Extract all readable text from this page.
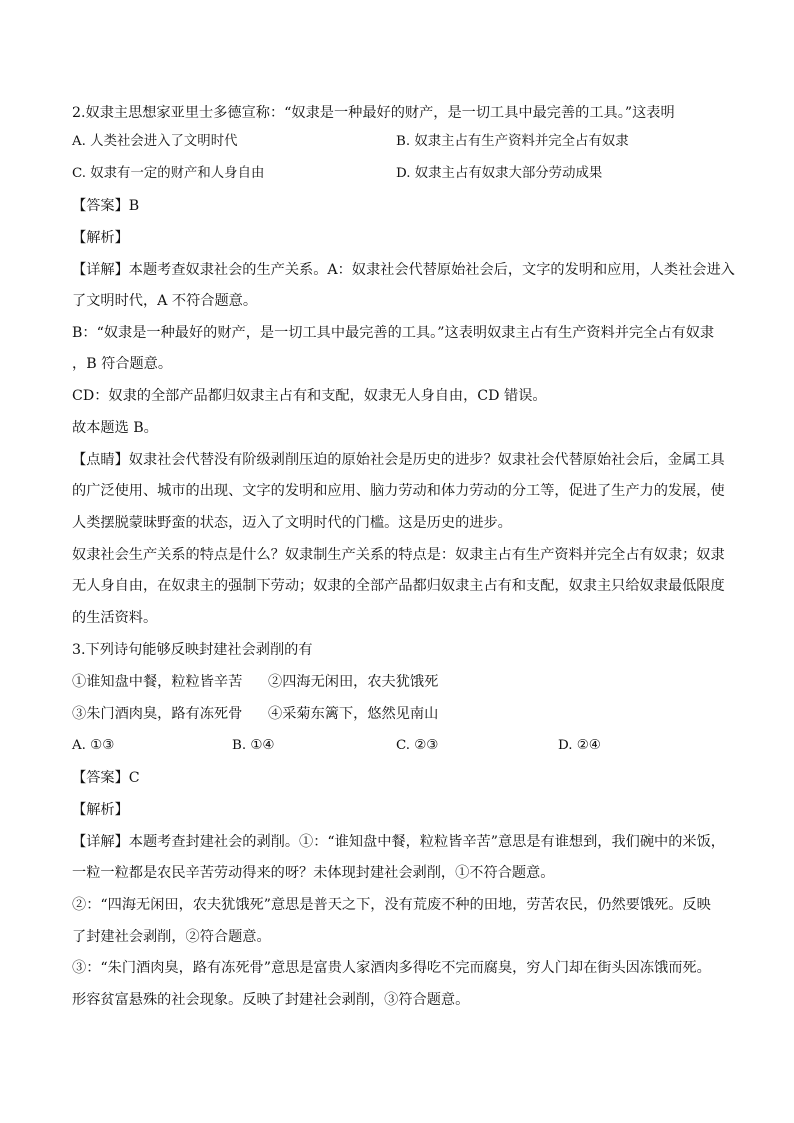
2.奴隶主思想家亚里士多德宣称：“奴隶是一种最好的财产，是一切工具中最完善的工具。”这表明
A. 人类社会进入了文明时代	B. 奴隶主占有生产资料并完全占有奴隶
C. 奴隶有一定的财产和人身自由	D. 奴隶主占有奴隶大部分劳动成果
【答案】B
【解析】
【详解】本题考查奴隶社会的生产关系。A：奴隶社会代替原始社会后，文字的发明和应用，人类社会进入
了文明时代，A 不符合题意。
B：“奴隶是一种最好的财产，是一切工具中最完善的工具。”这表明奴隶主占有生产资料并完全占有奴隶
，B 符合题意。
CD：奴隶的全部产品都归奴隶主占有和支配，奴隶无人身自由，CD 错误。
故本题选 B。
【点睛】奴隶社会代替没有阶级剥削压迫的原始社会是历史的进步？奴隶社会代替原始社会后，金属工具
的广泛使用、城市的出现、文字的发明和应用、脑力劳动和体力劳动的分工等，促进了生产力的发展，使
人类摆脱蒙昧野蛮的状态，迈入了文明时代的门槛。这是历史的进步。
奴隶社会生产关系的特点是什么？奴隶制生产关系的特点是：奴隶主占有生产资料并完全占有奴隶；奴隶
无人身自由，在奴隶主的强制下劳动；奴隶的全部产品都归奴隶主占有和支配，奴隶主只给奴隶最低限度
的生活资料。
3.下列诗句能够反映封建社会剥削的有
①谁知盘中餐，粒粒皆辛苦 ②四海无闲田，农夫犹饿死
③朱门酒肉臭，路有冻死骨 ④采菊东篱下，悠然见南山
A. ①③	B. ①④	C. ②③	D. ②④
【答案】C
【解析】
【详解】本题考查封建社会的剥削。①：“谁知盘中餐，粒粒皆辛苦”意思是有谁想到，我们碗中的米饭，
一粒一粒都是农民辛苦劳动得来的呀？未体现封建社会剥削，①不符合题意。
②：“四海无闲田，农夫犹饿死”意思是普天之下，没有荒废不种的田地，劳苦农民，仍然要饿死。反映
了封建社会剥削，②符合题意。
③：“朱门酒肉臭，路有冻死骨”意思是富贵人家酒肉多得吃不完而腐臭，穷人门却在街头因冻饿而死。
形容贫富悬殊的社会现象。反映了封建社会剥削，③符合题意。
